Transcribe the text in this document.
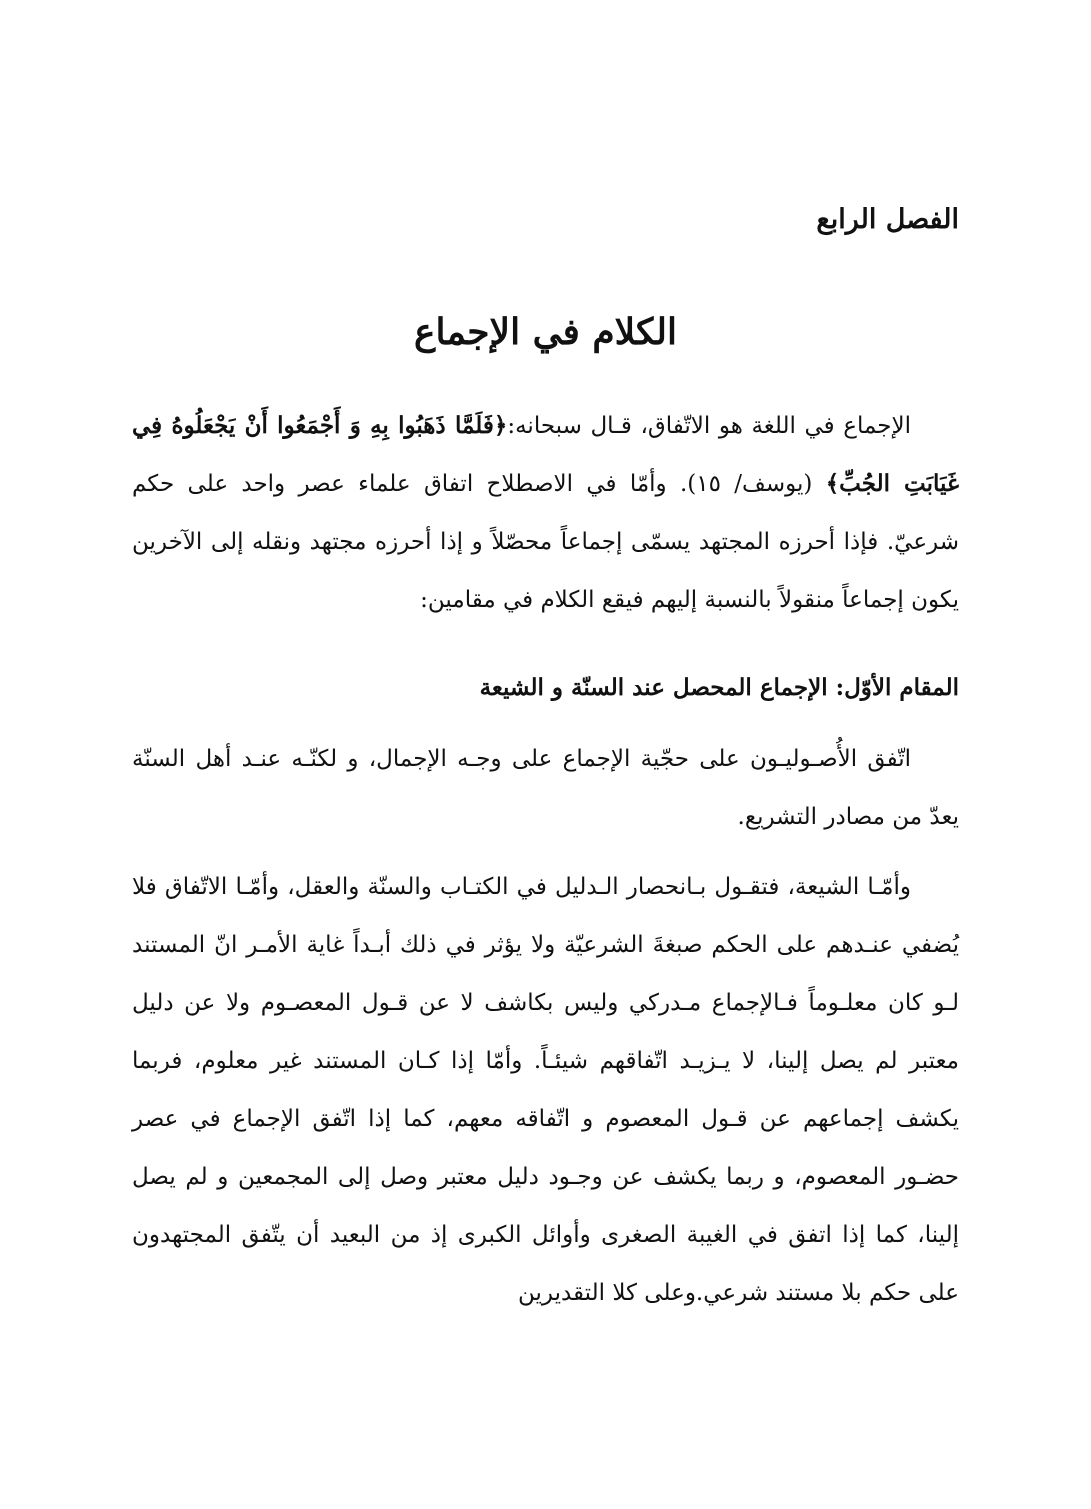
الفصل الرابع
الكلام في الإجماع

الإجماع في اللغة هو الاتّفاق، قـال سبحانه:﴿فَلَمَّا ذَهَبُوا بِهِ وَ أَجْمَعُوا أَنْ يَجْعَلُوهُ فِي غَيَابَتِ الجُبِّ﴾ (يوسف/ ١٥). وأمّا في الاصطلاح اتفاق علماء عصر واحد على حكم شرعيّ. فإذا أحرزه المجتهد يسمّى إجماعاً محصّلاً و إذا أحرزه مجتهد ونقله إلى الآخرين يكون إجماعاً منقولاً بالنسبة إليهم فيقع الكلام في مقامين:

المقام الأوّل: الإجماع المحصل عند السنّة و الشيعة

اتّفق الأُصـوليـون على حجّية الإجماع على وجـه الإجمال، و لكنّـه عنـد أهل السنّة يعدّ من مصادر التشريع.

وأمّـا الشيعة، فتقـول بـانحصار الـدليل في الكتـاب والسنّة والعقل، وأمّـا الاتّفاق فلا يُضفي عنـدهم على الحكم صبغةَ الشرعيّة ولا يؤثر في ذلك أبـداً غاية الأمـر انّ المستند لـو كان معلـوماً فـالإجماع مـدركي وليس بكاشف لا عن قـول المعصـوم ولا عن دليل معتبر لم يصل إلينا، لا يـزيـد اتّفاقهم شيئـاً. وأمّا إذا كـان المستند غير معلوم، فربما يكشف إجماعهم عن قـول المعصوم و اتّفاقه معهم، كما إذا اتّفق الإجماع في عصر حضـور المعصوم، و ربما يكشف عن وجـود دليل معتبر وصل إلى المجمعين و لم يصل إلينا، كما إذا اتفق في الغيبة الصغرى وأوائل الكبرى إذ من البعيد أن يتّفق المجتهدون على حكم بلا مستند شرعي.وعلى كلا التقديرين
